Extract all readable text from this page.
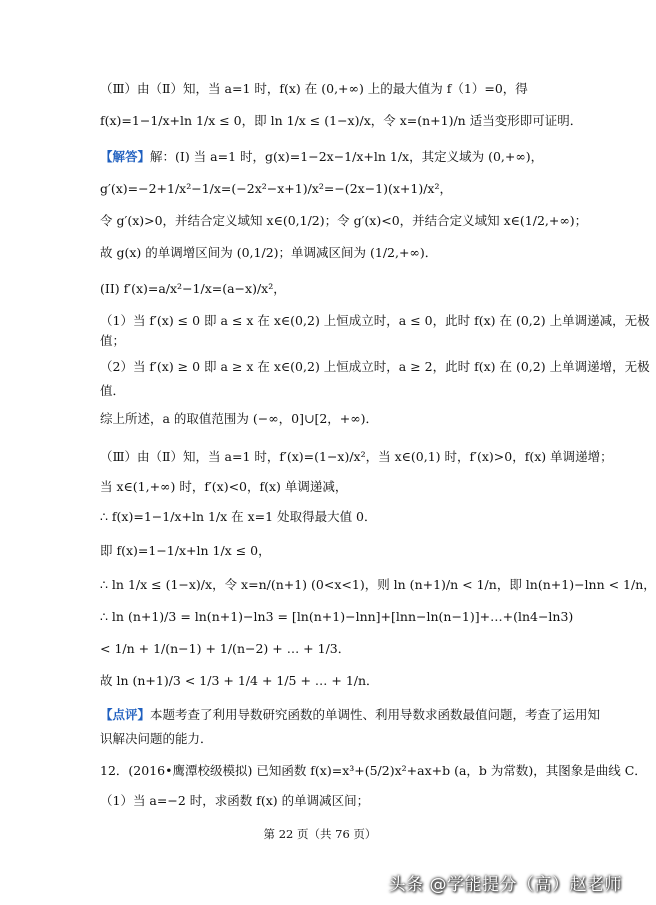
（Ⅲ）由（Ⅱ）知，当 a=1 时，f(x) 在 (0,+∞) 上的最大值为 f（1）=0，得
f(x)=1−1/x+ln 1/x ≤ 0，即 ln 1/x ≤ (1−x)/x，令 x=(n+1)/n 适当变形即可证明．
【解答】解：(I) 当 a=1 时，g(x)=1−2x−1/x+ln 1/x，其定义域为 (0,+∞)，
g′(x)=−2+1/x²−1/x=(−2x²−x+1)/x²=−(2x−1)(x+1)/x²，
令 g′(x)>0，并结合定义域知 x∈(0,1/2)；令 g′(x)<0，并结合定义域知 x∈(1/2,+∞)；
故 g(x) 的单调增区间为 (0,1/2)；单调减区间为 (1/2,+∞)．
(II) f′(x)=a/x²−1/x=(a−x)/x²，
（1）当 f′(x) ≤ 0 即 a ≤ x 在 x∈(0,2) 上恒成立时，a ≤ 0，此时 f(x) 在 (0,2) 上单调递减，无极
值；
（2）当 f′(x) ≥ 0 即 a ≥ x 在 x∈(0,2) 上恒成立时，a ≥ 2，此时 f(x) 在 (0,2) 上单调递增，无极
值．
综上所述，a 的取值范围为 (−∞，0]∪[2，+∞)．
（Ⅲ）由（Ⅱ）知，当 a=1 时，f′(x)=(1−x)/x²，当 x∈(0,1) 时，f′(x)>0，f(x) 单调递增；
当 x∈(1,+∞) 时，f′(x)<0，f(x) 单调递减，
∴ f(x)=1−1/x+ln 1/x 在 x=1 处取得最大值 0．
即 f(x)=1−1/x+ln 1/x ≤ 0，
∴ ln 1/x ≤ (1−x)/x，令 x=n/(n+1) (0<x<1)，则 ln (n+1)/n < 1/n，即 ln(n+1)−lnn < 1/n，
∴ ln (n+1)/3 = ln(n+1)−ln3 = [ln(n+1)−lnn]+[lnn−ln(n−1)]+…+(ln4−ln3)
< 1/n + 1/(n−1) + 1/(n−2) + … + 1/3．
故 ln (n+1)/3 < 1/3 + 1/4 + 1/5 + … + 1/n．
【点评】本题考查了利用导数研究函数的单调性、利用导数求函数最值问题，考查了运用知
识解决问题的能力．
12．(2016•鹰潭校级模拟) 已知函数 f(x)=x³+(5/2)x²+ax+b (a，b 为常数)，其图象是曲线 C．
（1）当 a=−2 时，求函数 f(x) 的单调减区间；
第 22 页（共 76 页）
头条 @学能提分（高）赵老师
